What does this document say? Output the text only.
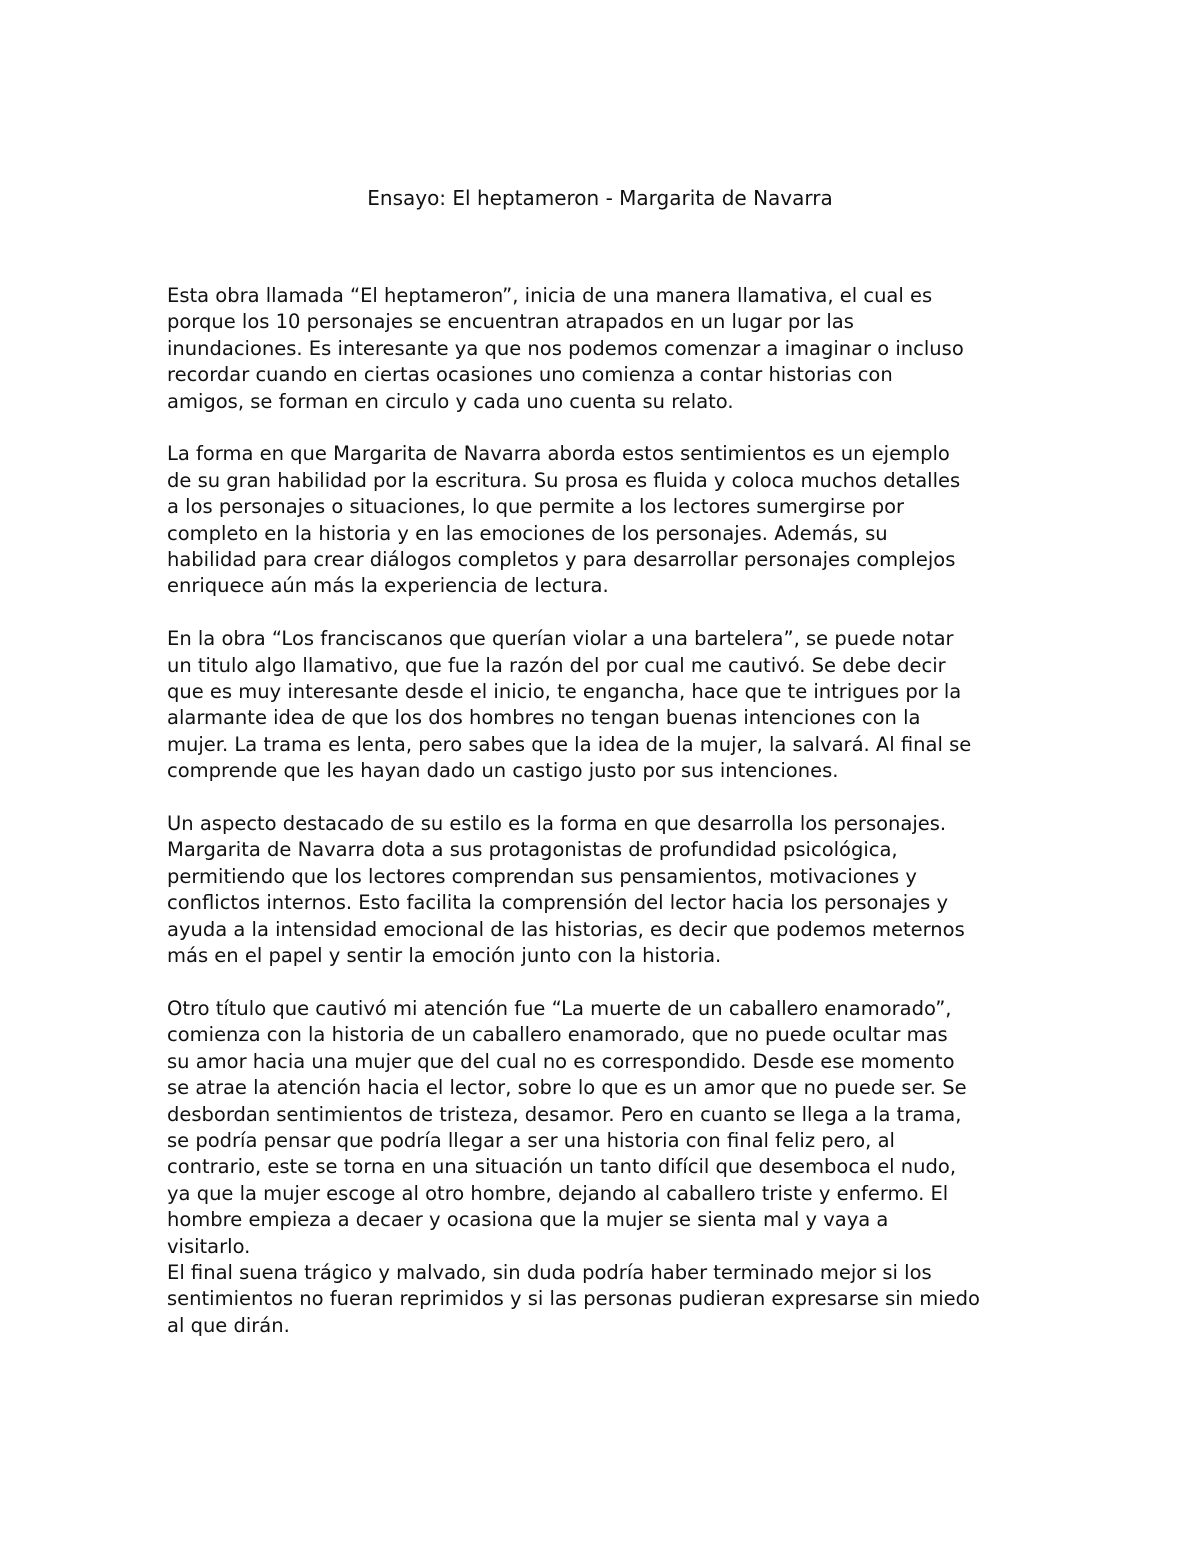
Ensayo: El heptameron - Margarita de Navarra

Esta obra llamada “El heptameron”, inicia de una manera llamativa, el cual es
porque los 10 personajes se encuentran atrapados en un lugar por las
inundaciones. Es interesante ya que nos podemos comenzar a imaginar o incluso
recordar cuando en ciertas ocasiones uno comienza a contar historias con
amigos, se forman en circulo y cada uno cuenta su relato.

La forma en que Margarita de Navarra aborda estos sentimientos es un ejemplo
de su gran habilidad por la escritura. Su prosa es fluida y coloca muchos detalles
a los personajes o situaciones, lo que permite a los lectores sumergirse por
completo en la historia y en las emociones de los personajes. Además, su
habilidad para crear diálogos completos y para desarrollar personajes complejos
enriquece aún más la experiencia de lectura.

En la obra “Los franciscanos que querían violar a una bartelera”, se puede notar
un titulo algo llamativo, que fue la razón del por cual me cautivó. Se debe decir
que es muy interesante desde el inicio, te engancha, hace que te intrigues por la
alarmante idea de que los dos hombres no tengan buenas intenciones con la
mujer. La trama es lenta, pero sabes que la idea de la mujer, la salvará. Al final se
comprende que les hayan dado un castigo justo por sus intenciones.

Un aspecto destacado de su estilo es la forma en que desarrolla los personajes.
Margarita de Navarra dota a sus protagonistas de profundidad psicológica,
permitiendo que los lectores comprendan sus pensamientos, motivaciones y
conflictos internos. Esto facilita la comprensión del lector hacia los personajes y
ayuda a la intensidad emocional de las historias, es decir que podemos meternos
más en el papel y sentir la emoción junto con la historia.

Otro título que cautivó mi atención fue “La muerte de un caballero enamorado”,
comienza con la historia de un caballero enamorado, que no puede ocultar mas
su amor hacia una mujer que del cual no es correspondido. Desde ese momento
se atrae la atención hacia el lector, sobre lo que es un amor que no puede ser. Se
desbordan sentimientos de tristeza, desamor. Pero en cuanto se llega a la trama,
se podría pensar que podría llegar a ser una historia con final feliz pero, al
contrario, este se torna en una situación un tanto difícil que desemboca el nudo,
ya que la mujer escoge al otro hombre, dejando al caballero triste y enfermo. El
hombre empieza a decaer y ocasiona que la mujer se sienta mal y vaya a
visitarlo.

El final suena trágico y malvado, sin duda podría haber terminado mejor si los
sentimientos no fueran reprimidos y si las personas pudieran expresarse sin miedo
al que dirán.
